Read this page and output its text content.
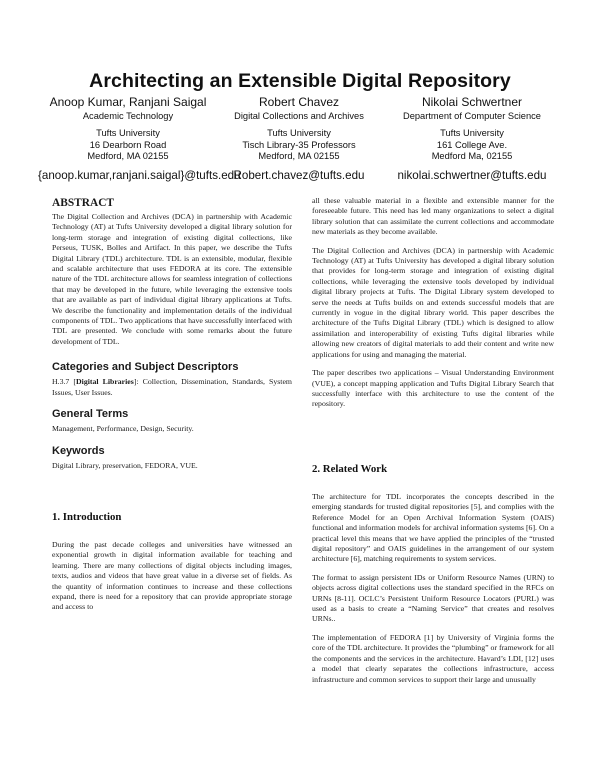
Architecting an Extensible Digital Repository
Anoop Kumar, Ranjani Saigal
Academic Technology
Tufts University
16 Dearborn Road
Medford, MA 02155
{anoop.kumar,ranjani.saigal}@tufts.edu
Robert Chavez
Digital Collections and Archives
Tufts University
Tisch Library-35 Professors
Medford, MA 02155
Robert.chavez@tufts.edu
Nikolai Schwertner
Department of Computer Science
Tufts University
161 College Ave.
Medford Ma, 02155
nikolai.schwertner@tufts.edu
ABSTRACT

The Digital Collection and Archives (DCA) in partnership with Academic Technology (AT) at Tufts University developed a digital library solution for long-term storage and integration of existing digital collections, like Perseus, TUSK, Bolles and Artifact. In this paper, we describe the Tufts Digital Library (TDL) architecture. TDL is an extensible, modular, flexible and scalable architecture that uses FEDORA at its core. The extensible nature of the TDL architecture allows for seamless integration of collections that may be developed in the future, while leveraging the extensive tools that are available as part of individual digital library applications at Tufts. We describe the functionality and implementation details of the individual components of TDL. Two applications that have successfully interfaced with TDL are presented. We conclude with some remarks about the future development of TDL.

Categories and Subject Descriptors

H.3.7 [Digital Libraries]: Collection, Dissemination, Standards, System Issues, User Issues.

General Terms

Management, Performance, Design, Security.

Keywords

Digital Library, preservation, FEDORA, VUE.

1. Introduction

During the past decade colleges and universities have witnessed an exponential growth in digital information available for teaching and learning. There are many collections of digital objects including images, texts, audios and videos that have great value in a diverse set of fields. As the quantity of information continues to increase and these collections expand, there is need for a repository that can provide appropriate storage and access to

all these valuable material in a flexible and extensible manner for the foreseeable future. This need has led many organizations to select a digital library solution that can assimilate the current collections and accommodate new materials as they become available.

The Digital Collection and Archives (DCA) in partnership with Academic Technology (AT) at Tufts University has developed a digital library solution that provides for long-term storage and integration of existing digital collections, while leveraging the extensive tools developed by individual digital library projects at Tufts. The Digital Library system developed to serve the needs at Tufts builds on and extends successful models that are currently in vogue in the digital library world. This paper describes the architecture of the Tufts Digital Library (TDL) which is designed to allow assimilation and interoperability of existing Tufts digital libraries while allowing new creators of digital materials to add their content and write new applications for using and managing the material.

The paper describes two applications – Visual Understanding Environment (VUE), a concept mapping application and Tufts Digital Library Search that successfully interface with this architecture to use the content of the repository.

2. Related Work

The architecture for TDL incorporates the concepts described in the emerging standards for trusted digital repositories [5], and complies with the Reference Model for an Open Archival Information System (OAIS) functional and information models for archival information systems [6]. On a practical level this means that we have applied the principles of the “trusted digital repository” and OAIS guidelines in the arrangement of our system architecture [6], matching requirements to system services.

The format to assign persistent IDs or Uniform Resource Names (URN) to objects across digital collections uses the standard specified in the RFCs on URNs [8-11]. OCLC’s Persistent Uniform Resource Locators (PURL) was used as a basis to create a “Naming Service” that creates and resolves URNs..

The implementation of FEDORA [1] by University of Virginia forms the core of the TDL architecture. It provides the “plumbing” or framework for all the components and the services in the architecture. Havard’s LDI, [12] uses a model that clearly separates the collections infrastructure, access infrastructure and common services to support their large and unusually
